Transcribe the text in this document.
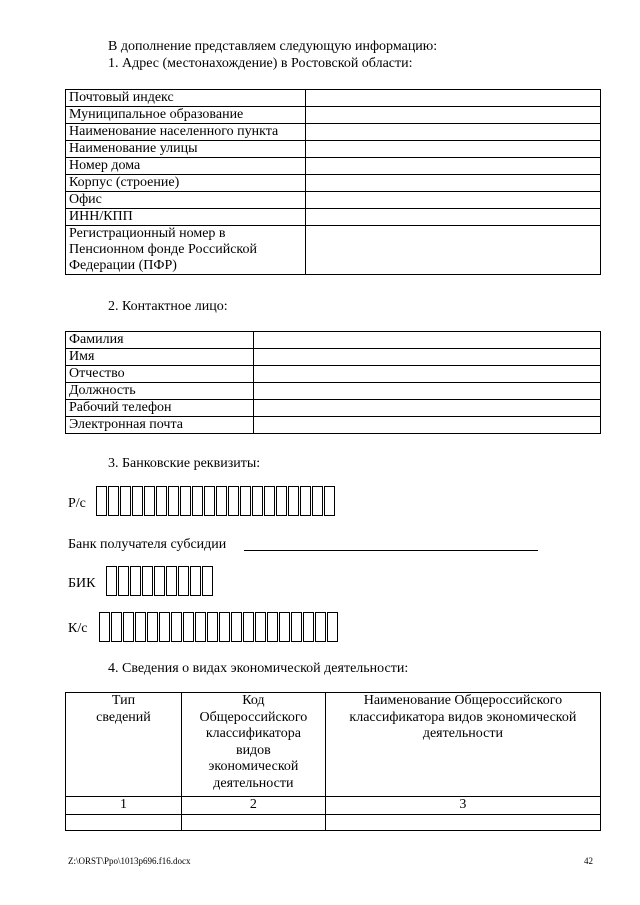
В дополнение представляем следующую информацию:
1. Адрес (местонахождение) в Ростовской области:
Почтовый индекс	
Муниципальное образование	
Наименование населенного пункта	
Наименование улицы	
Номер дома	
Корпус (строение)	
Офис	
ИНН/КПП	
Регистрационный номер в Пенсионном фонде Российской Федерации (ПФР)	
2. Контактное лицо:
Фамилия	
Имя	
Отчество	
Должность	
Рабочий телефон	
Электронная почта	
3. Банковские реквизиты:
Р/с
Банк получателя субсидии
БИК
К/с
4. Сведения о видах экономической деятельности:
Тип сведений	Код Общероссийского классификатора видов экономической деятельности	Наименование Общероссийского классификатора видов экономической деятельности
1	2	3

Z:\ORST\Ppo\1013p696.f16.docx	42
